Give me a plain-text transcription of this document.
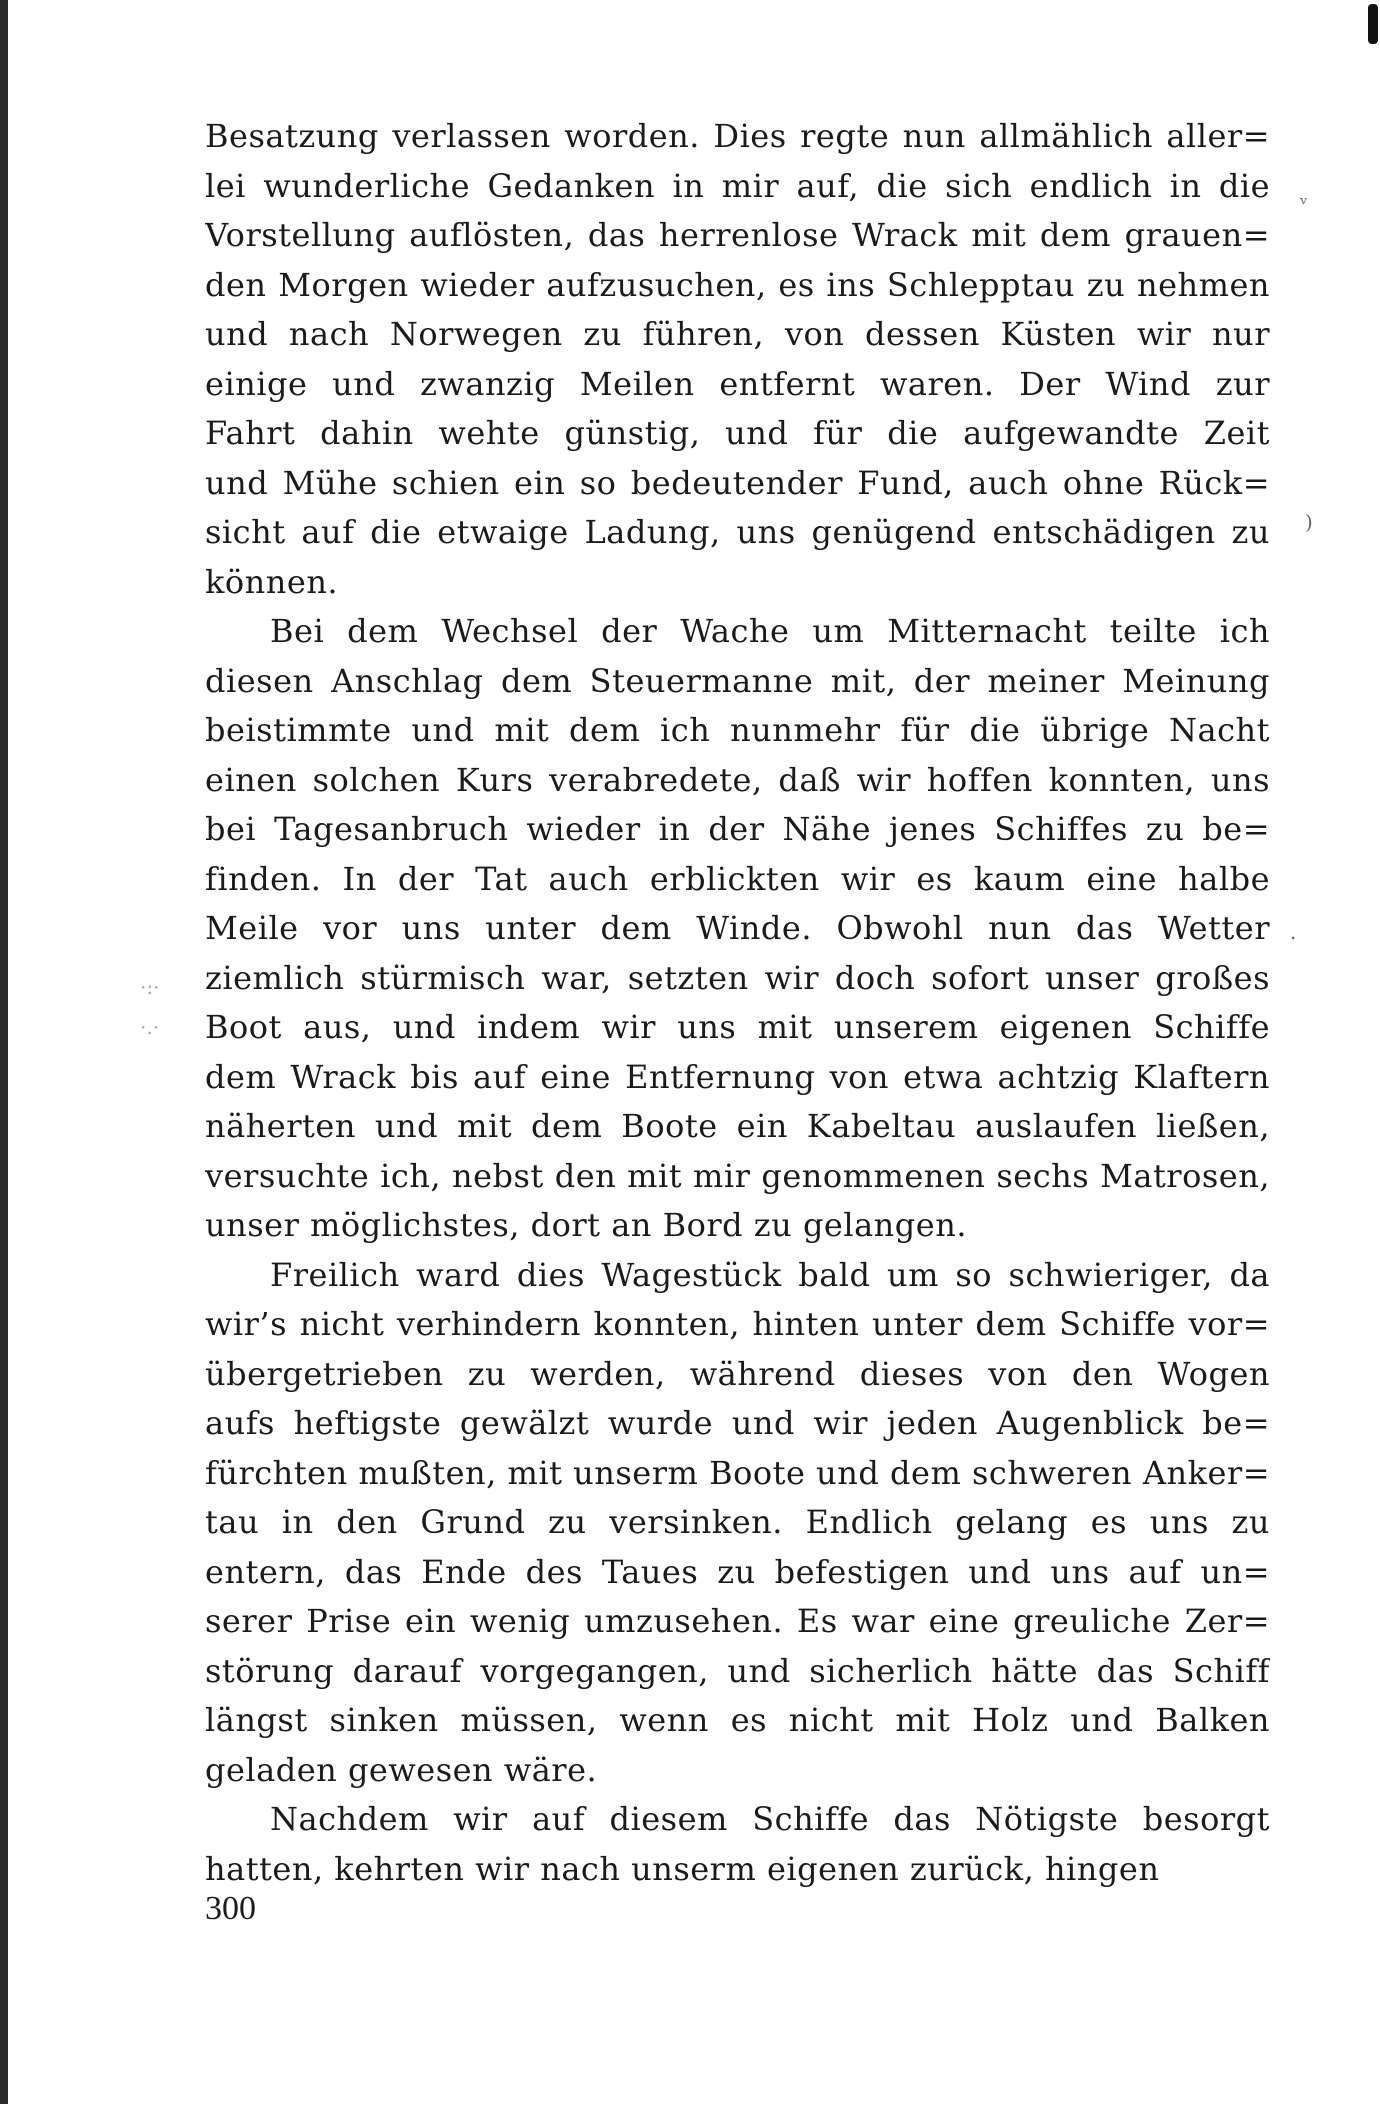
ᵥ
)
.
·:·
·.·
Besatzung verlassen worden. Dies regte nun allmählich aller=
lei wunderliche Gedanken in mir auf, die sich endlich in die
Vorstellung auflösten, das herrenlose Wrack mit dem grauen=
den Morgen wieder aufzusuchen, es ins Schlepptau zu nehmen
und nach Norwegen zu führen, von dessen Küsten wir nur
einige und zwanzig Meilen entfernt waren. Der Wind zur
Fahrt dahin wehte günstig, und für die aufgewandte Zeit
und Mühe schien ein so bedeutender Fund, auch ohne Rück=
sicht auf die etwaige Ladung, uns genügend entschädigen zu
können.
Bei dem Wechsel der Wache um Mitternacht teilte ich
diesen Anschlag dem Steuermanne mit, der meiner Meinung
beistimmte und mit dem ich nunmehr für die übrige Nacht
einen solchen Kurs verabredete, daß wir hoffen konnten, uns
bei Tagesanbruch wieder in der Nähe jenes Schiffes zu be=
finden. In der Tat auch erblickten wir es kaum eine halbe
Meile vor uns unter dem Winde. Obwohl nun das Wetter
ziemlich stürmisch war, setzten wir doch sofort unser großes
Boot aus, und indem wir uns mit unserem eigenen Schiffe
dem Wrack bis auf eine Entfernung von etwa achtzig Klaftern
näherten und mit dem Boote ein Kabeltau auslaufen ließen,
versuchte ich, nebst den mit mir genommenen sechs Matrosen,
unser möglichstes, dort an Bord zu gelangen.
Freilich ward dies Wagestück bald um so schwieriger, da
wir’s nicht verhindern konnten, hinten unter dem Schiffe vor=
übergetrieben zu werden, während dieses von den Wogen
aufs heftigste gewälzt wurde und wir jeden Augenblick be=
fürchten mußten, mit unserm Boote und dem schweren Anker=
tau in den Grund zu versinken. Endlich gelang es uns zu
entern, das Ende des Taues zu befestigen und uns auf un=
serer Prise ein wenig umzusehen. Es war eine greuliche Zer=
störung darauf vorgegangen, und sicherlich hätte das Schiff
längst sinken müssen, wenn es nicht mit Holz und Balken
geladen gewesen wäre.
Nachdem wir auf diesem Schiffe das Nötigste besorgt
hatten, kehrten wir nach unserm eigenen zurück, hingen
300
